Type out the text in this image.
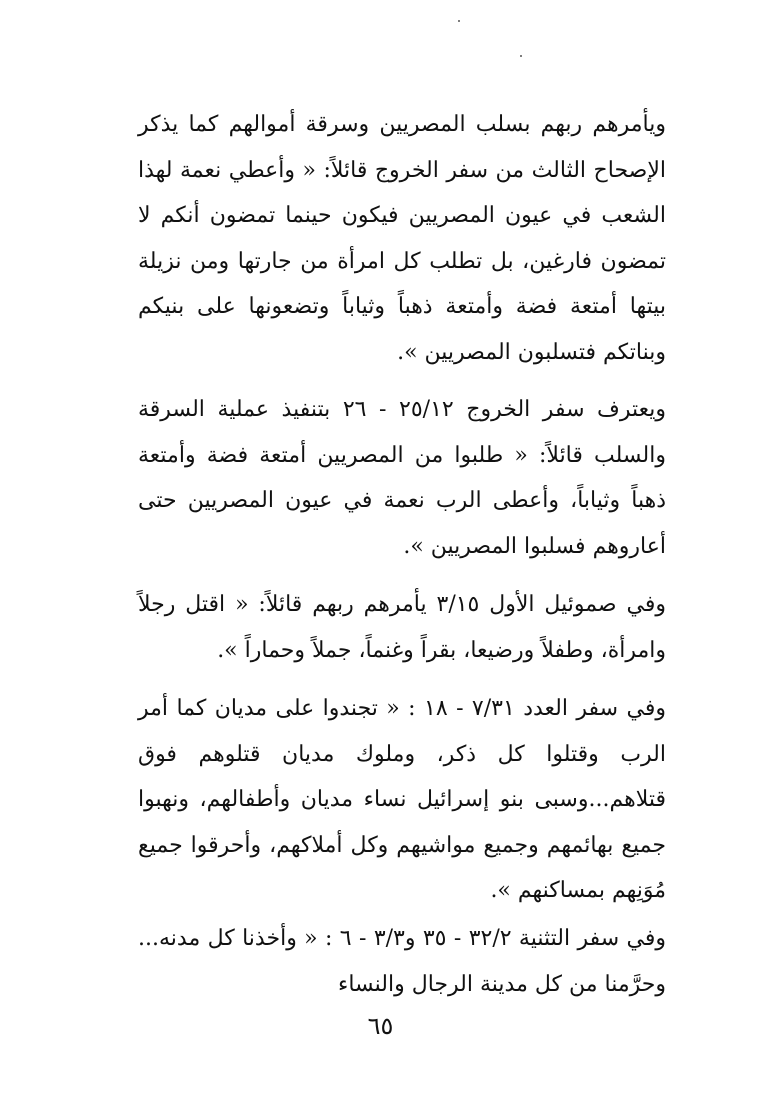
ويأمرهم ربهم بسلب المصريين وسرقة أموالهم كما يذكر الإصحاح الثالث من سفر الخروج قائلاً: « وأعطي نعمة لهذا الشعب في عيون المصريين فيكون حينما تمضون أنكم لا تمضون فارغين، بل تطلب كل امرأة من جارتها ومن نزيلة بيتها أمتعة فضة وأمتعة ذهباً وثياباً وتضعونها على بنيكم وبناتكم فتسلبون المصريين ».

ويعترف سفر الخروج ٢٥/١٢ - ٢٦ بتنفيذ عملية السرقة والسلب قائلاً: « طلبوا من المصريين أمتعة فضة وأمتعة ذهباً وثياباً، وأعطى الرب نعمة في عيون المصريين حتى أعاروهم فسلبوا المصريين ».

وفي صموئيل الأول ٣/١٥ يأمرهم ربهم قائلاً: « اقتل رجلاً وامرأة، وطفلاً ورضيعا، بقراً وغنماً، جملاً وحماراً ».

وفي سفر العدد ٧/٣١ - ١٨ : « تجندوا على مديان كما أمر الرب وقتلوا كل ذكر، وملوك مديان قتلوهم فوق قتلاهم...وسبى بنو إسرائيل نساء مديان وأطفالهم، ونهبوا جميع بهائمهم وجميع مواشيهم وكل أملاكهم، وأحرقوا جميع مُوَنِهم بمساكنهم ».

وفي سفر التثنية ٣٢/٢ - ٣٥ و٣/٣ - ٦ : « وأخذنا كل مدنه... وحرَّمنا من كل مدينة الرجال والنساء

٦٥
